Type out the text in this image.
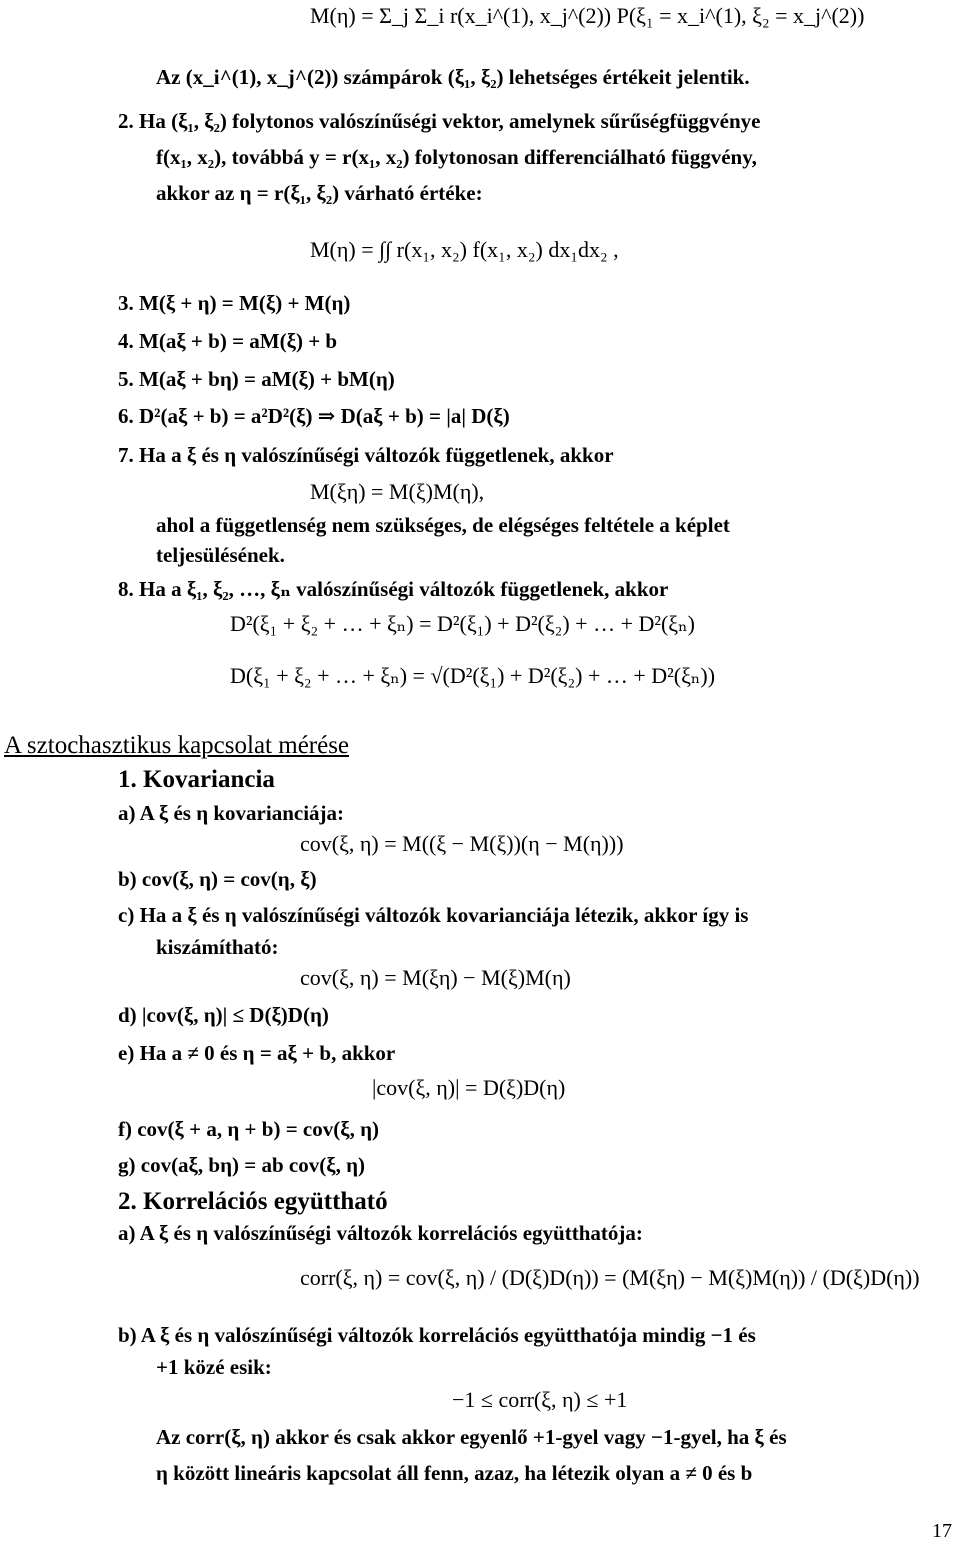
M(η) = Σ_j Σ_i r(x_i^(1), x_j^(2)) P(ξ₁ = x_i^(1), ξ₂ = x_j^(2))
Az (x_i^(1), x_j^(2)) számpárok (ξ₁, ξ₂) lehetséges értékeit jelentik.
2. Ha (ξ₁, ξ₂) folytonos valószínűségi vektor, amelynek sűrűségfüggvénye
f(x₁, x₂), továbbá y = r(x₁, x₂) folytonosan differenciálható függvény,
akkor az η = r(ξ₁, ξ₂) várható értéke:
M(η) = ∫∫ r(x₁, x₂) f(x₁, x₂) dx₁dx₂ ,
3. M(ξ + η) = M(ξ) + M(η)
4. M(aξ + b) = aM(ξ) + b
5. M(aξ + bη) = aM(ξ) + bM(η)
6. D²(aξ + b) = a²D²(ξ) ⇒ D(aξ + b) = |a| D(ξ)
7. Ha a ξ és η valószínűségi változók függetlenek, akkor
M(ξη) = M(ξ)M(η),
ahol a függetlenség nem szükséges, de elégséges feltétele a képlet
teljesülésének.
8. Ha a ξ₁, ξ₂, …, ξₙ valószínűségi változók függetlenek, akkor
D²(ξ₁ + ξ₂ + … + ξₙ) = D²(ξ₁) + D²(ξ₂) + … + D²(ξₙ)
D(ξ₁ + ξ₂ + … + ξₙ) = √(D²(ξ₁) + D²(ξ₂) + … + D²(ξₙ))
A sztochasztikus kapcsolat mérése
1. Kovariancia
a) A ξ és η kovarianciája:
cov(ξ, η) = M((ξ − M(ξ))(η − M(η)))
b) cov(ξ, η) = cov(η, ξ)
c) Ha a ξ és η valószínűségi változók kovarianciája létezik, akkor így is
kiszámítható:
cov(ξ, η) = M(ξη) − M(ξ)M(η)
d) |cov(ξ, η)| ≤ D(ξ)D(η)
e) Ha a ≠ 0 és η = aξ + b, akkor
|cov(ξ, η)| = D(ξ)D(η)
f) cov(ξ + a, η + b) = cov(ξ, η)
g) cov(aξ, bη) = ab cov(ξ, η)
2. Korrelációs együttható
a) A ξ és η valószínűségi változók korrelációs együtthatója:
corr(ξ, η) = cov(ξ, η) / (D(ξ)D(η)) = (M(ξη) − M(ξ)M(η)) / (D(ξ)D(η))
b) A ξ és η valószínűségi változók korrelációs együtthatója mindig −1 és
+1 közé esik:
−1 ≤ corr(ξ, η) ≤ +1
Az corr(ξ, η) akkor és csak akkor egyenlő +1-gyel vagy −1-gyel, ha ξ és
η között lineáris kapcsolat áll fenn, azaz, ha létezik olyan a ≠ 0 és b
17
